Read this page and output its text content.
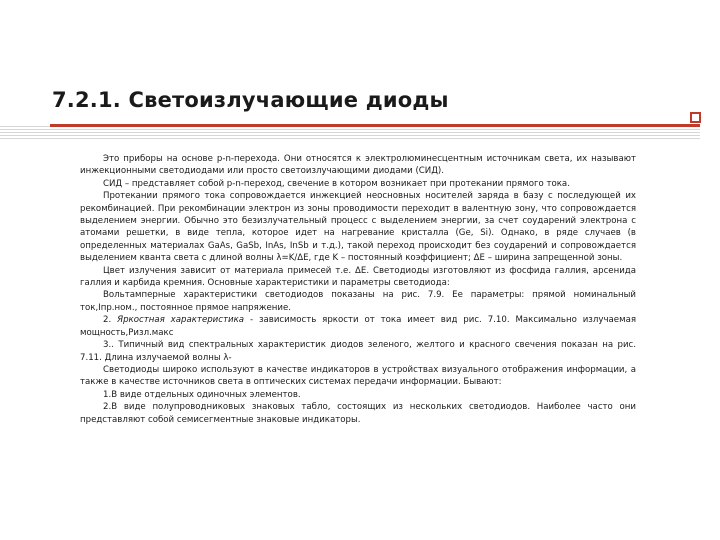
7.2.1. Светоизлучающие диоды

Это приборы на основе p-n-перехода. Они относятся к электролюминесцентным источникам света, их называют инжекционными светодиодами или просто светоизлучающими диодами (СИД).

СИД – представляет собой p-n-переход, свечение в котором возникает при протекании прямого тока.

Протекании прямого тока сопровождается инжекцией неосновных носителей заряда в базу с последующей их рекомбинацией. При рекомбинации электрон из зоны проводимости переходит в валентную зону, что сопровождается выделением энергии. Обычно это безизлучательный процесс с выделением энергии, за счет соударений электрона с атомами решетки, в виде тепла, которое идет на нагревание кристалла (Ge, Si). Однако, в ряде случаев (в определенных материалах GaAs, GaSb, InAs, InSb и т.д.), такой переход происходит без соударений и сопровождается выделением кванта света с длиной волны λ=K/ΔE, где K – постоянный коэффициент; ΔE – ширина запрещенной зоны.

Цвет излучения зависит от материала примесей т.е. ΔE. Светодиоды изготовляют из фосфида галлия, арсенида галлия и карбида кремния. Основные характеристики и параметры светодиода:

Вольтамперные характеристики светодиодов показаны на рис. 7.9. Ее параметры: прямой номинальный ток,Iпр.ном., постоянное прямое напряжение.

2. Яркостная характеристика - зависимость яркости от тока имеет вид рис. 7.10. Максимально излучаемая мощность,Ризл.макс

3.. Типичный вид спектральных характеристик диодов зеленого, желтого и красного свечения показан на рис. 7.11. Длина излучаемой волны λ-

Светодиоды широко используют в качестве индикаторов в устройствах визуального отображения информации, а также в качестве источников света в оптических системах передачи информации. Бывают:

1.В виде отдельных одиночных элементов.

2.В виде полупроводниковых знаковых табло, состоящих из нескольких светодиодов. Наиболее часто они представляют собой семисегментные знаковые индикаторы.
